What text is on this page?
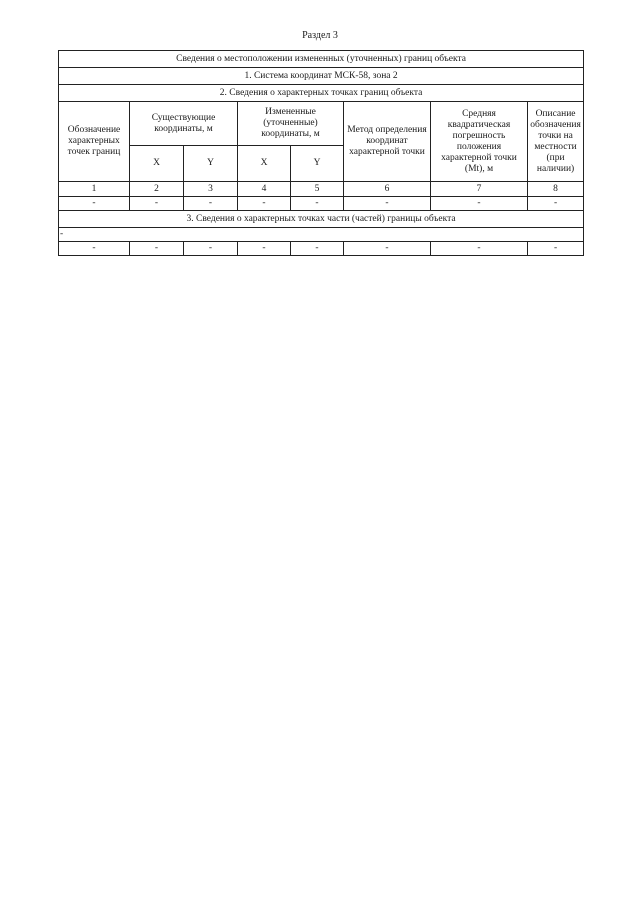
Раздел 3
Сведения о местоположении измененных (уточненных) границ объекта							
1. Система координат МСК-58, зона 2							
2. Сведения о характерных точках границ объекта							
Обозначение характерных точек границ	Существующие координаты, м		Измененные (уточненные) координаты, м		Метод определения координат характерной точки	Средняя квадратическая погрешность положения характерной точки (Mt), м	Описание обозначения точки на местности (при наличии)
	X	Y	X	Y			
1	2	3	4	5	6	7	8
-	-	-	-	-	-	-	-
3. Сведения о характерных точках части (частей) границы объекта							
-							
-	-	-	-	-	-	-	-
